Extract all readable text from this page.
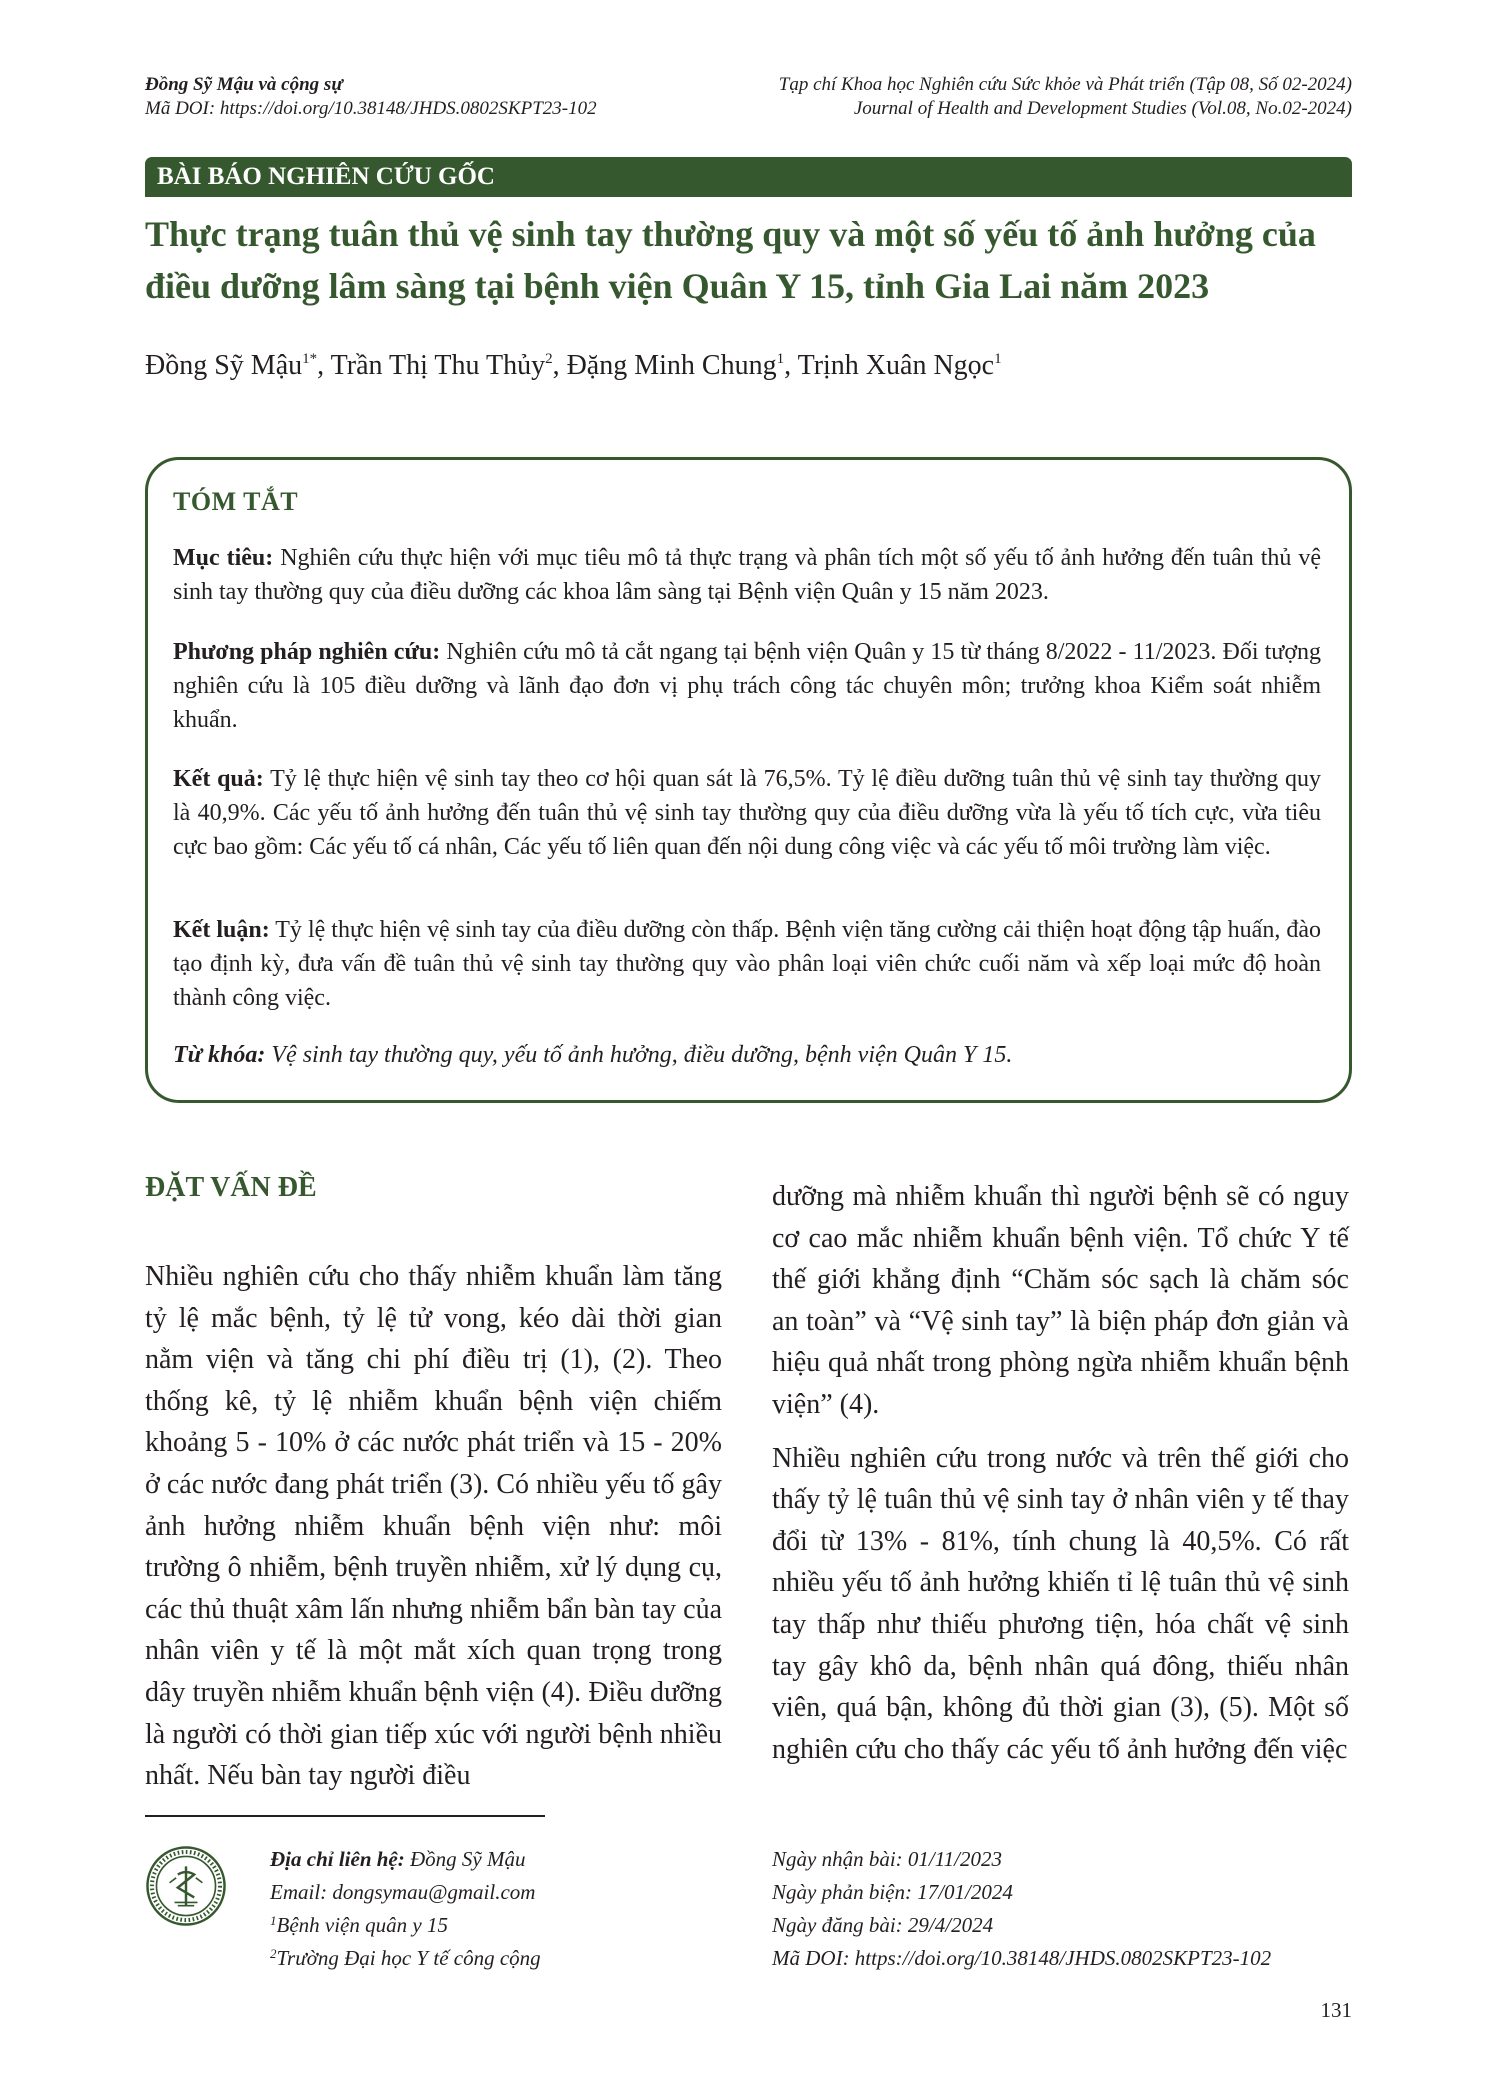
Đồng Sỹ Mậu và cộng sự
Mã DOI: https://doi.org/10.38148/JHDS.0802SKPT23-102
Tạp chí Khoa học Nghiên cứu Sức khỏe và Phát triển (Tập 08, Số 02-2024)
Journal of Health and Development Studies (Vol.08, No.02-2024)
BÀI BÁO NGHIÊN CỨU GỐC
Thực trạng tuân thủ vệ sinh tay thường quy và một số yếu tố ảnh hưởng của điều dưỡng lâm sàng tại bệnh viện Quân Y 15, tỉnh Gia Lai năm 2023
Đồng Sỹ Mậu$^{1*}$, Trần Thị Thu Thủy$^2$, Đặng Minh Chung$^1$, Trịnh Xuân Ngọc$^1$
TÓM TẮT
Mục tiêu: Nghiên cứu thực hiện với mục tiêu mô tả thực trạng và phân tích một số yếu tố ảnh hưởng đến tuân thủ vệ sinh tay thường quy của điều dưỡng các khoa lâm sàng tại Bệnh viện Quân y 15 năm 2023.
Phương pháp nghiên cứu: Nghiên cứu mô tả cắt ngang tại bệnh viện Quân y 15 từ tháng 8/2022 - 11/2023. Đối tượng nghiên cứu là 105 điều dưỡng và lãnh đạo đơn vị phụ trách công tác chuyên môn; trưởng khoa Kiểm soát nhiễm khuẩn.
Kết quả: Tỷ lệ thực hiện vệ sinh tay theo cơ hội quan sát là 76,5%. Tỷ lệ điều dưỡng tuân thủ vệ sinh tay thường quy là 40,9%. Các yếu tố ảnh hưởng đến tuân thủ vệ sinh tay thường quy của điều dưỡng vừa là yếu tố tích cực, vừa tiêu cực bao gồm: Các yếu tố cá nhân, Các yếu tố liên quan đến nội dung công việc và các yếu tố môi trường làm việc.
Kết luận: Tỷ lệ thực hiện vệ sinh tay của điều dưỡng còn thấp. Bệnh viện tăng cường cải thiện hoạt động tập huấn, đào tạo định kỳ, đưa vấn đề tuân thủ vệ sinh tay thường quy vào phân loại viên chức cuối năm và xếp loại mức độ hoàn thành công việc.
Từ khóa: Vệ sinh tay thường quy, yếu tố ảnh hưởng, điều dưỡng, bệnh viện Quân Y 15.
ĐẶT VẤN ĐỀ
Nhiều nghiên cứu cho thấy nhiễm khuẩn làm tăng tỷ lệ mắc bệnh, tỷ lệ tử vong, kéo dài thời gian nằm viện và tăng chi phí điều trị (1), (2). Theo thống kê, tỷ lệ nhiễm khuẩn bệnh viện chiếm khoảng 5 - 10% ở các nước phát triển và 15 - 20% ở các nước đang phát triển (3). Có nhiều yếu tố gây ảnh hưởng nhiễm khuẩn bệnh viện như: môi trường ô nhiễm, bệnh truyền nhiễm, xử lý dụng cụ, các thủ thuật xâm lấn nhưng nhiễm bẩn bàn tay của nhân viên y tế là một mắt xích quan trọng trong dây truyền nhiễm khuẩn bệnh viện (4). Điều dưỡng là người có thời gian tiếp xúc với người bệnh nhiều nhất. Nếu bàn tay người điều

dưỡng mà nhiễm khuẩn thì người bệnh sẽ có nguy cơ cao mắc nhiễm khuẩn bệnh viện. Tổ chức Y tế thế giới khẳng định “Chăm sóc sạch là chăm sóc an toàn” và “Vệ sinh tay” là biện pháp đơn giản và hiệu quả nhất trong phòng ngừa nhiễm khuẩn bệnh viện” (4).

Nhiều nghiên cứu trong nước và trên thế giới cho thấy tỷ lệ tuân thủ vệ sinh tay ở nhân viên y tế thay đổi từ 13% - 81%, tính chung là 40,5%. Có rất nhiều yếu tố ảnh hưởng khiến tỉ lệ tuân thủ vệ sinh tay thấp như thiếu phương tiện, hóa chất vệ sinh tay gây khô da, bệnh nhân quá đông, thiếu nhân viên, quá bận, không đủ thời gian (3), (5). Một số nghiên cứu cho thấy các yếu tố ảnh hưởng đến việc

Địa chỉ liên hệ: Đồng Sỹ Mậu
Email: dongsymau@gmail.com
$^1$Bệnh viện quân y 15
$^2$Trường Đại học Y tế công cộng
Ngày nhận bài: 01/11/2023
Ngày phản biện: 17/01/2024
Ngày đăng bài: 29/4/2024
Mã DOI: https://doi.org/10.38148/JHDS.0802SKPT23-102
131
